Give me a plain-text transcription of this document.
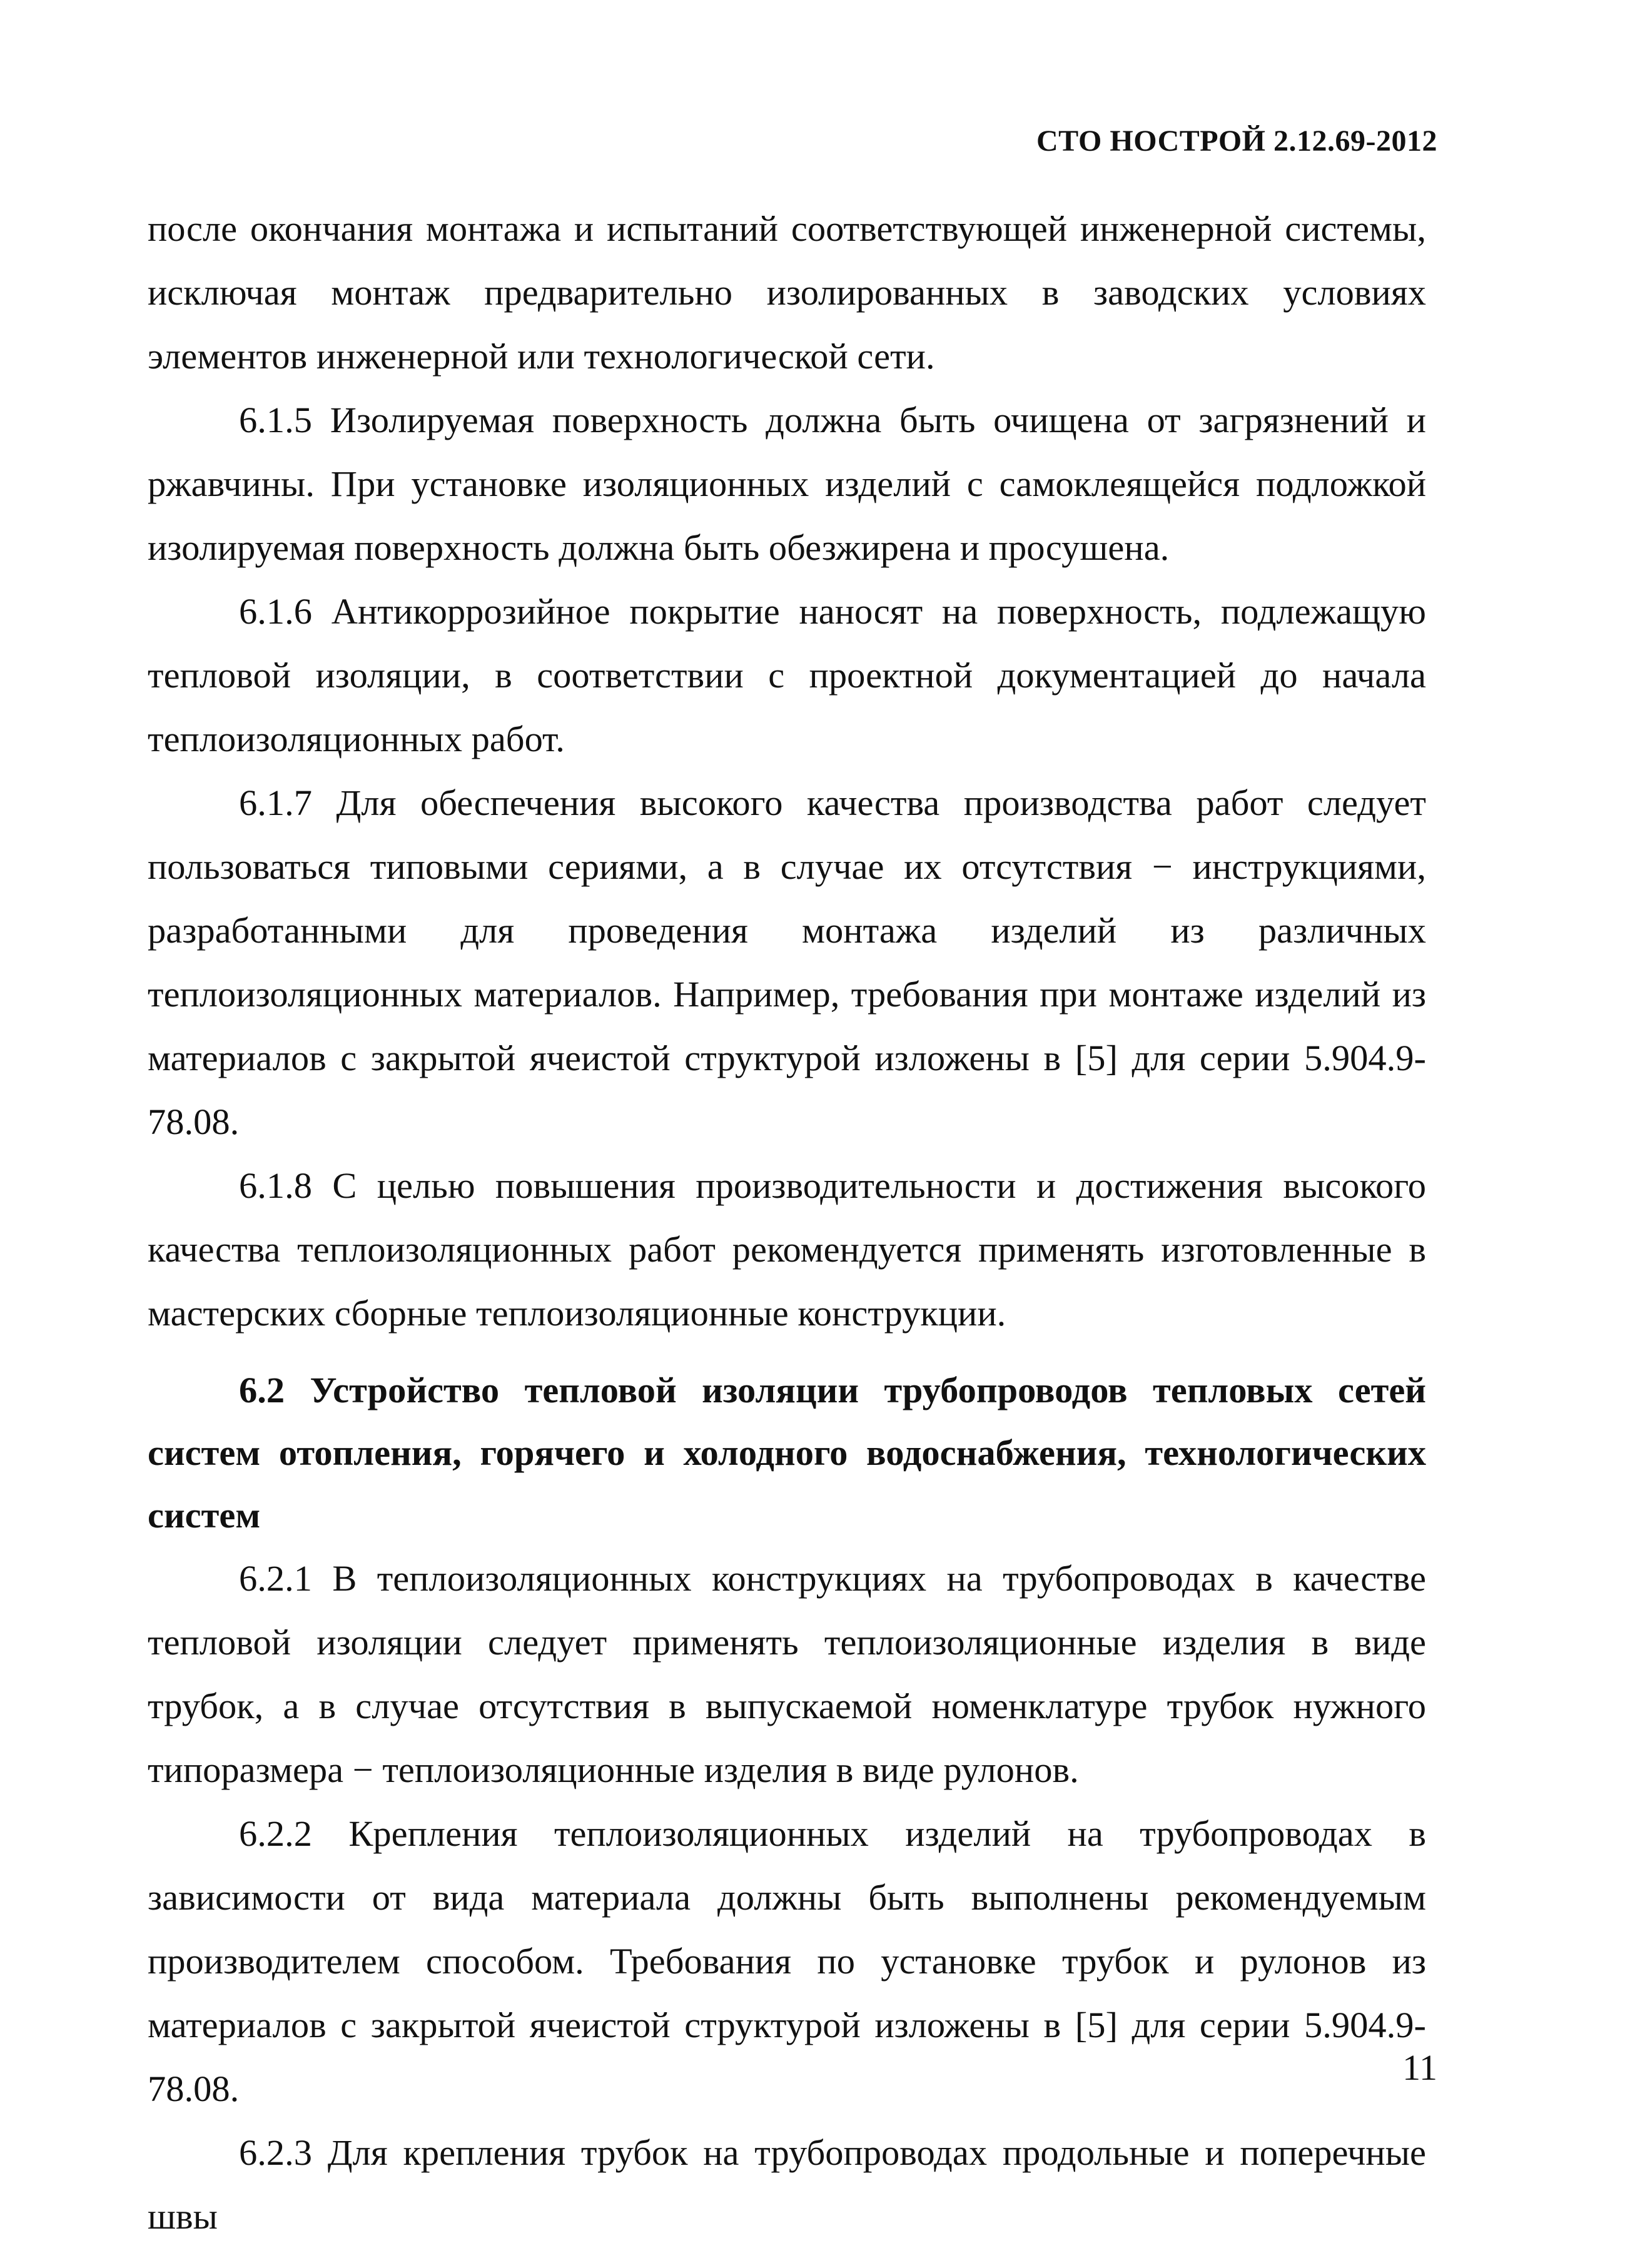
СТО НОСТРОЙ 2.12.69-2012

после окончания монтажа и испытаний соответствующей инженерной системы, исключая монтаж предварительно изолированных в заводских условиях элементов инженерной или технологической сети.

6.1.5 Изолируемая поверхность должна быть очищена от загрязнений и ржавчины. При установке изоляционных изделий с самоклеящейся подложкой изолируемая поверхность должна быть обезжирена и просушена.

6.1.6 Антикоррозийное покрытие наносят на поверхность, подлежащую тепловой изоляции, в соответствии с проектной документацией до начала теплоизоляционных работ.

6.1.7 Для обеспечения высокого качества производства работ следует пользоваться типовыми сериями, а в случае их отсутствия − инструкциями, разработанными для проведения монтажа изделий из различных теплоизоляционных материалов. Например, требования при монтаже изделий из материалов с закрытой ячеистой структурой изложены в [5] для серии 5.904.9-78.08.

6.1.8 С целью повышения производительности и достижения высокого качества теплоизоляционных работ рекомендуется применять изготовленные в мастерских сборные теплоизоляционные конструкции.

6.2 Устройство тепловой изоляции трубопроводов тепловых сетей систем отопления, горячего и холодного водоснабжения, технологических систем

6.2.1 В теплоизоляционных конструкциях на трубопроводах в качестве тепловой изоляции следует применять теплоизоляционные изделия в виде трубок, а в случае отсутствия в выпускаемой номенклатуре трубок нужного типоразмера − теплоизоляционные изделия в виде рулонов.

6.2.2 Крепления теплоизоляционных изделий на трубопроводах в зависимости от вида материала должны быть выполнены рекомендуемым производителем способом. Требования по установке трубок и рулонов из материалов с закрытой ячеистой структурой изложены в [5] для серии 5.904.9-78.08.

6.2.3 Для крепления трубок на трубопроводах продольные и поперечные швы

11
